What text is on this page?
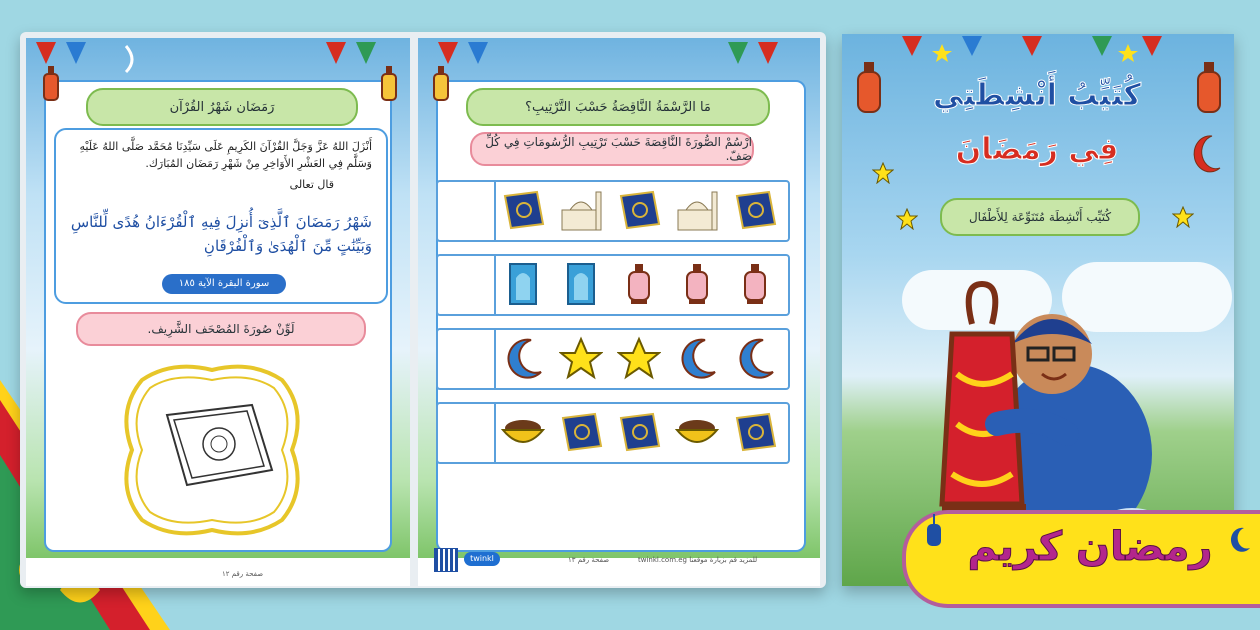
رَمَضَان شَهْرُ القُرْآن
أَنْزَلَ اللهُ عَزَّ وَجَلَّ القُرْآنَ الكَرِيمِ عَلَى سَيِّدِنَا مُحَمَّد صَلَّى اللهُ عَلَيْهِ وَسَلَّم فِي العَشْرِ الأَوَاخِرِ مِنْ شَهْرِ رَمَضَان المُبَارَك.
قال تعالى
شَهْرُ رَمَضَانَ ٱلَّذِىٓ أُنزِلَ فِيهِ ٱلْقُرْءَانُ هُدًى لِّلنَّاسِ وَبَيِّنَٰتٍ مِّنَ ٱلْهُدَىٰ وَٱلْفُرْقَانِ
سورة البقرة الآية ١٨٥
لَوِّنْ صُورَةَ المُصْحَف الشَّرِيف.
صفحة رقم ١٢
مَا الرَّسْمَةُ النَّاقِصَةُ حَسْبَ التَّرْتِيبِ؟
ارْسُمْ الصُّورَةَ النَّاقِصَةَ حَسْبَ تَرْتِيبِ الرُّسُومَاتِ فِي كُلِّ صَفّ.
twinkl	صفحة رقم ١٣	للمزيد قم بزيارة موقعنا twinkl.com.eg
كُتَيِّبُ أَنْشِطَتِي
فِي رَمَضَانَ
كُتَيِّب أَنْشِطَة مُتَنَوِّعَة لِلأَطْفَال
رمضان كريم
